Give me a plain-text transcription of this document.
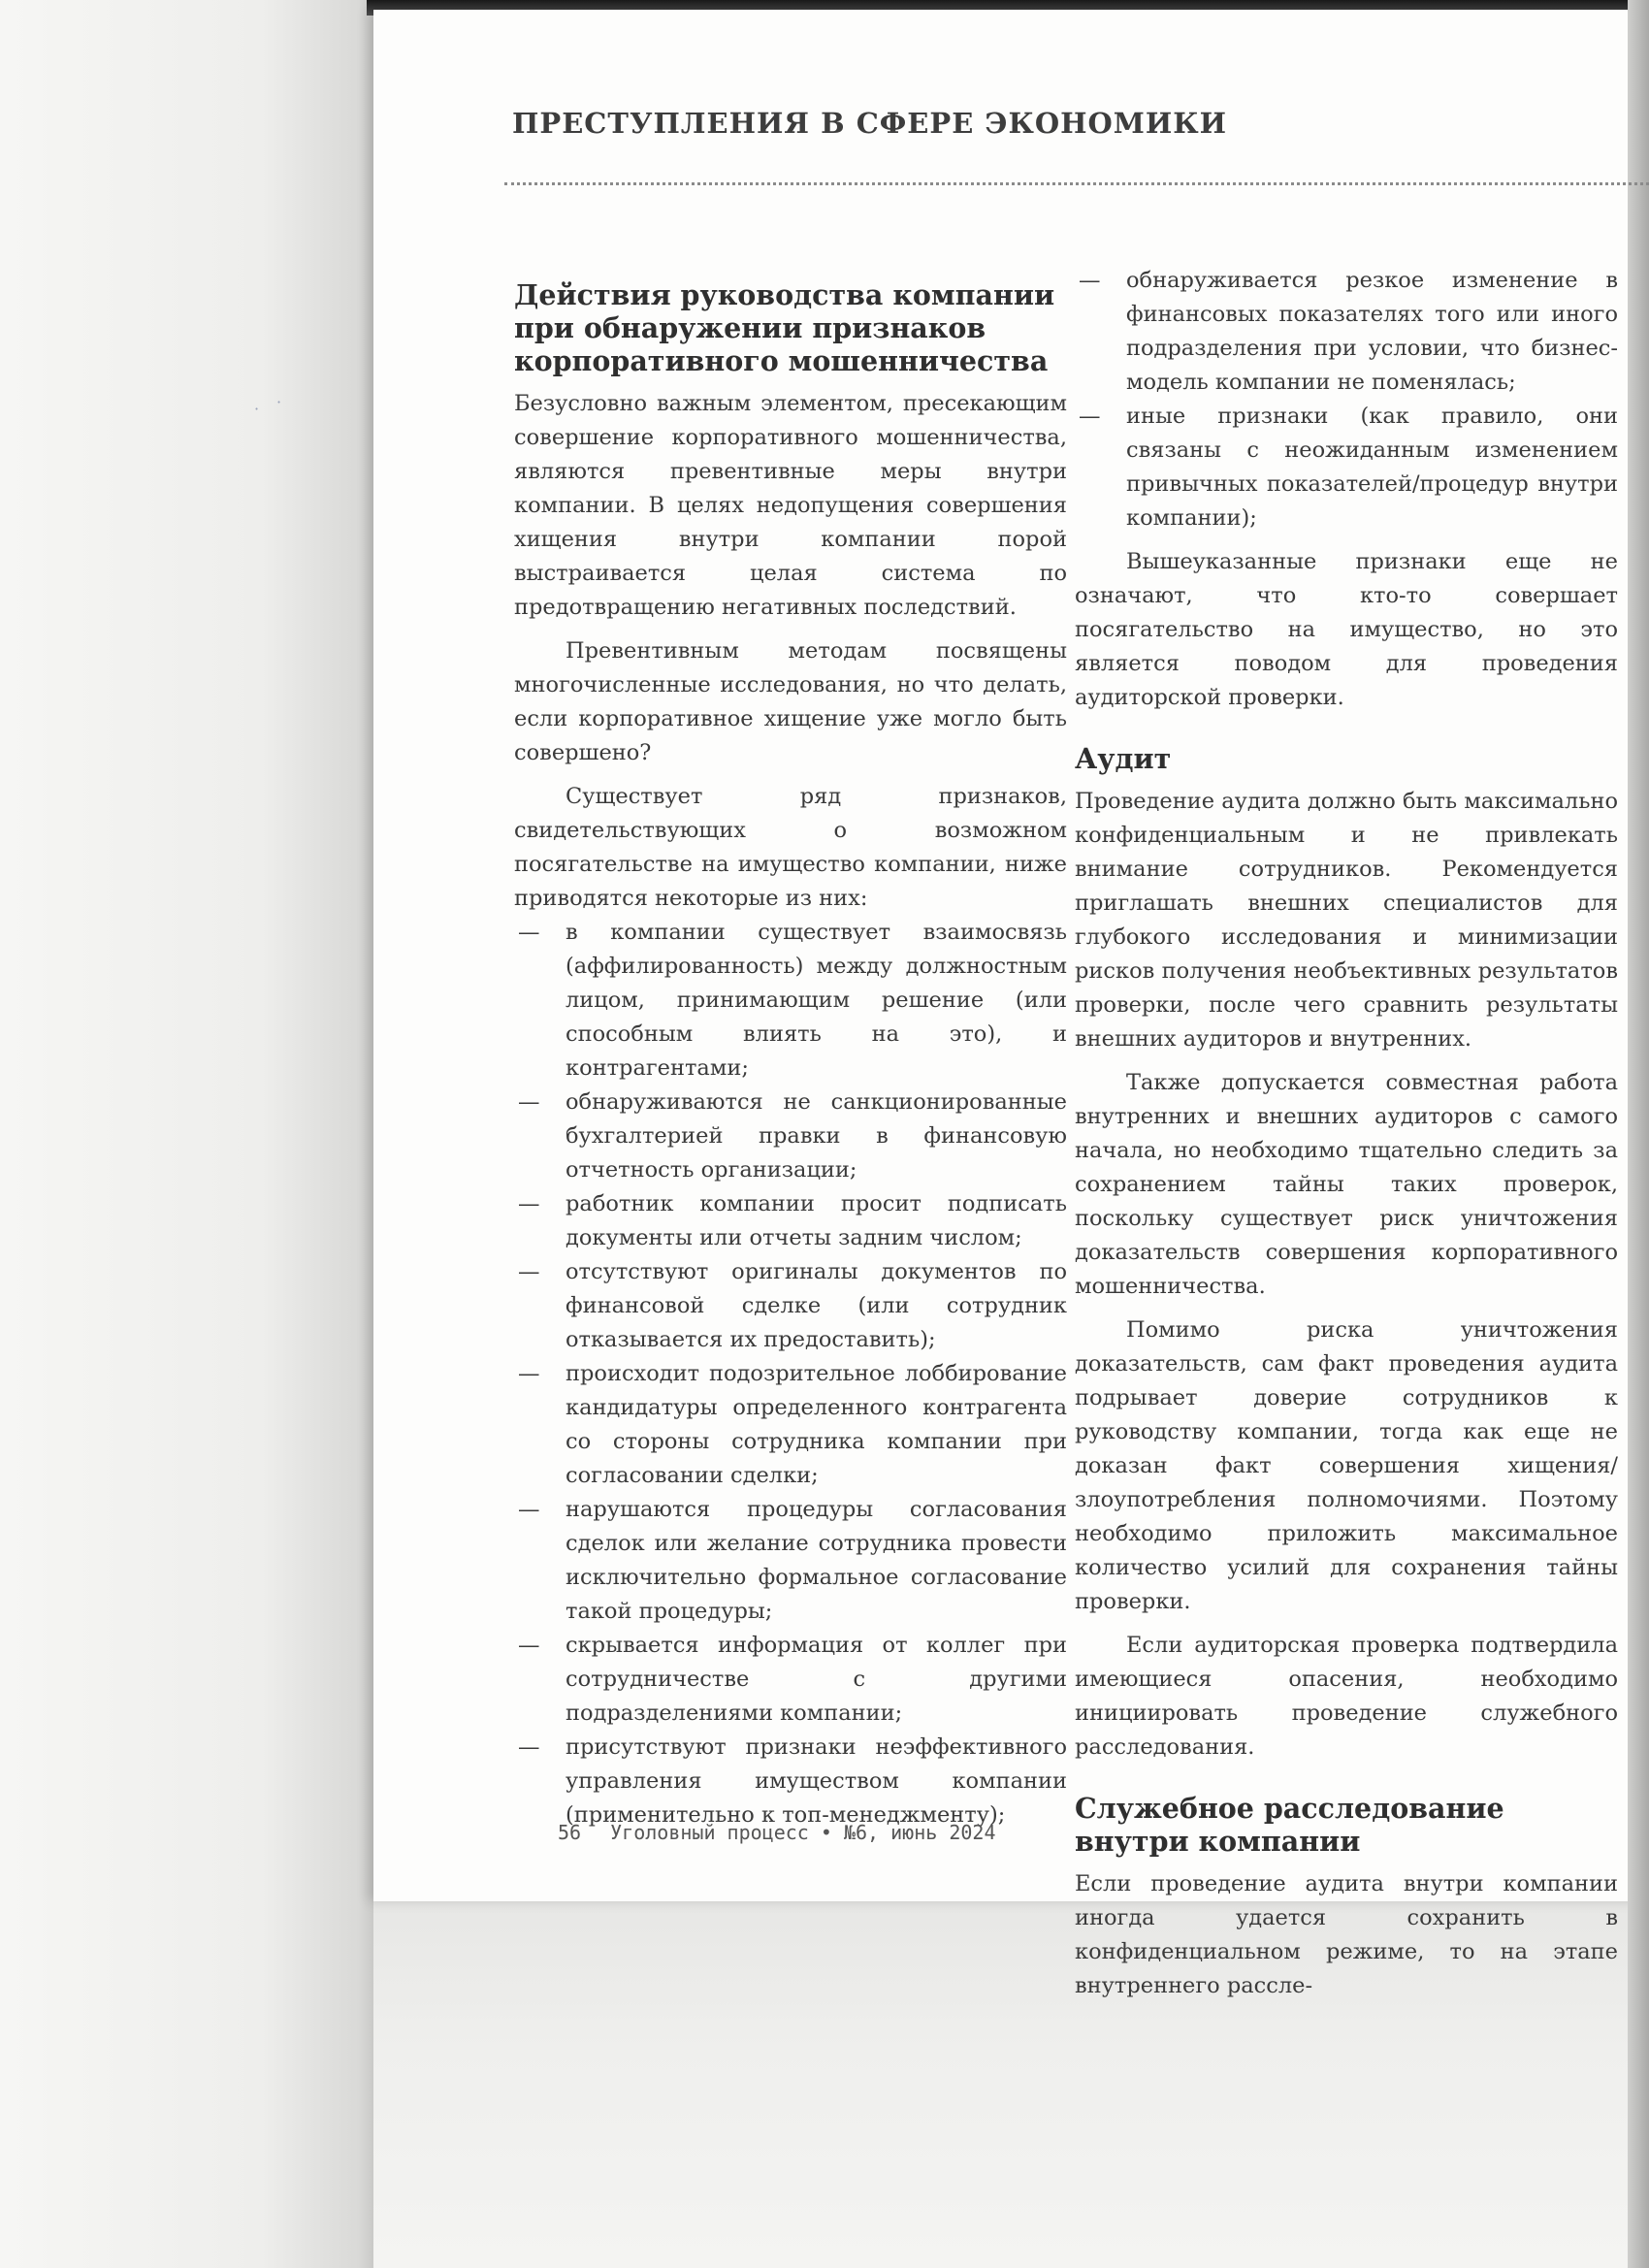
· ·
ПРЕСТУПЛЕНИЯ В СФЕРЕ ЭКОНОМИКИ
Действия руководства компании при обнаружении признаков корпоративного мошенничества

Безусловно важным элементом, пресекающим совершение корпоративного мошенничества, являются превентивные меры внутри компании. В целях недопущения совершения хищения внутри компании порой выстраивается целая система по предотвращению негативных последствий.

Превентивным методам посвящены многочисленные исследования, но что делать, если корпоративное хищение уже могло быть совершено?

Существует ряд признаков, свидетельствующих о возможном посягательстве на имущество компании, ниже приводятся некоторые из них:

— в компании существует взаимосвязь (аффилированность) между должностным лицом, принимающим решение (или способным влиять на это), и контрагентами;
— обнаруживаются не санкционированные бухгалтерией правки в финансовую отчетность организации;
— работник компании просит подписать документы или отчеты задним числом;
— отсутствуют оригиналы документов по финансовой сделке (или сотрудник отказывается их предоставить);
— происходит подозрительное лоббирование кандидатуры определенного контрагента со стороны сотрудника компании при согласовании сделки;
— нарушаются процедуры согласования сделок или желание сотрудника провести исключительно формальное согласование такой процедуры;
— скрывается информация от коллег при сотрудничестве с другими подразделениями компании;
— присутствуют признаки неэффективного управления имуществом компании (применительно к топ-менеджменту);
— обнаруживается резкое изменение в финансовых показателях того или иного подразделения при условии, что бизнес-модель компании не поменялась;
— иные признаки (как правило, они связаны с неожиданным изменением привычных показателей/процедур внутри компании);

Вышеуказанные признаки еще не означают, что кто-то совершает посягательство на имущество, но это является поводом для проведения аудиторской проверки.

Аудит

Проведение аудита должно быть максимально конфиденциальным и не привлекать внимание сотрудников. Рекомендуется приглашать внешних специалистов для глубокого исследования и минимизации рисков получения необъективных результатов проверки, после чего сравнить результаты внешних аудиторов и внутренних.

Также допускается совместная работа внутренних и внешних аудиторов с самого начала, но необходимо тщательно следить за сохранением тайны таких проверок, поскольку существует риск уничтожения доказательств совершения корпоративного мошенничества.

Помимо риска уничтожения доказательств, сам факт проведения аудита подрывает доверие сотрудников к руководству компании, тогда как еще не доказан факт совершения хищения/злоупотребления полномочиями. Поэтому необходимо приложить максимальное количество усилий для сохранения тайны проверки.

Если аудиторская проверка подтвердила имеющиеся опасения, необходимо инициировать проведение служебного расследования.

Служебное расследование внутри компании

Если проведение аудита внутри компании иногда удается сохранить в конфиденциальном режиме, то на этапе внутреннего рассле-

56 Уголовный процесс • №6, июнь 2024
